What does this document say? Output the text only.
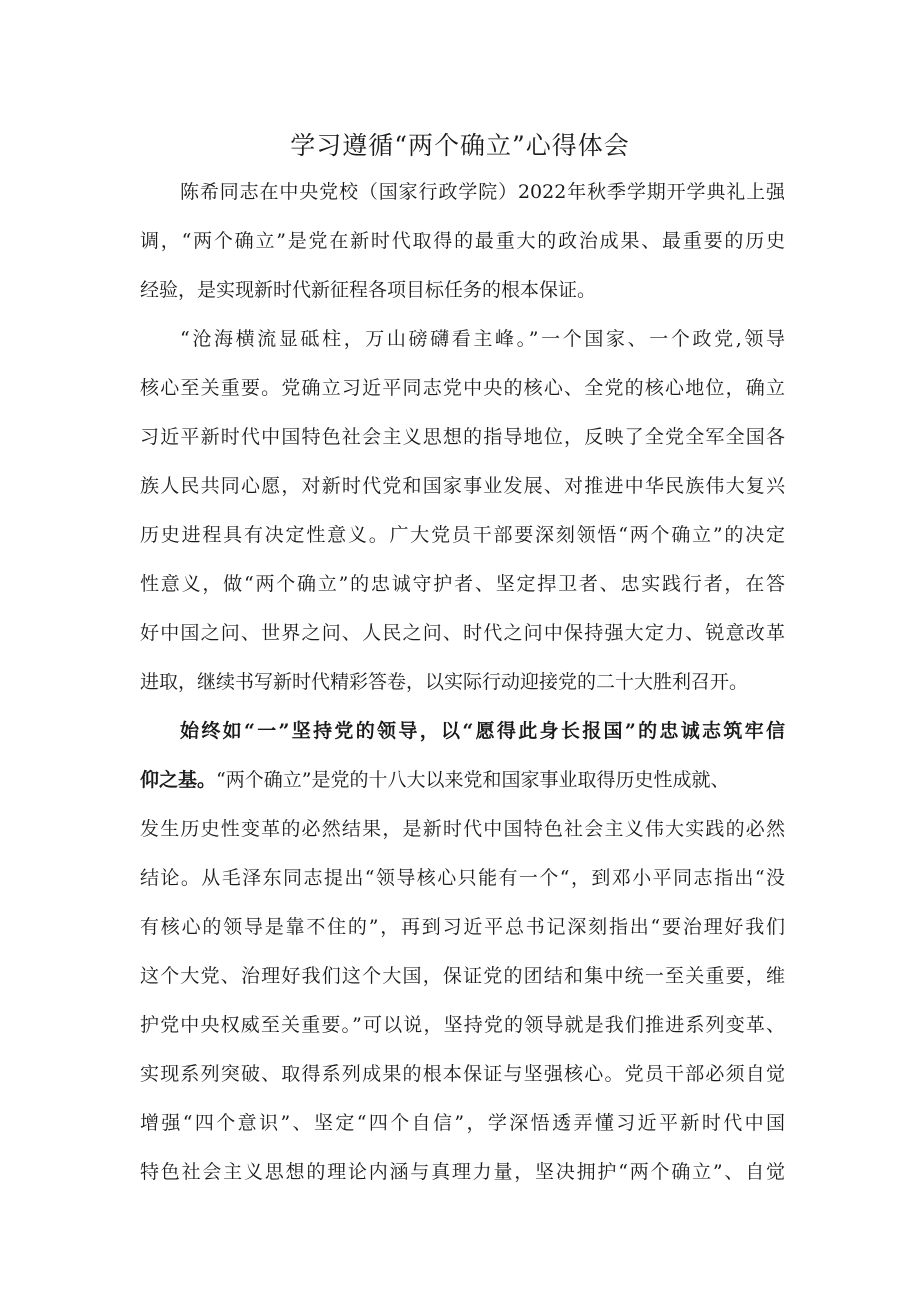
学习遵循“两个确立”心得体会
陈希同志在中央党校（国家行政学院）2022年秋季学期开学典礼上强
调，“两个确立”是党在新时代取得的最重大的政治成果、最重要的历史
经验，是实现新时代新征程各项目标任务的根本保证。
“沧海横流显砥柱，万山磅礴看主峰。”一个国家、一个政党,领导
核心至关重要。党确立习近平同志党中央的核心、全党的核心地位，确立
习近平新时代中国特色社会主义思想的指导地位，反映了全党全军全国各
族人民共同心愿，对新时代党和国家事业发展、对推进中华民族伟大复兴
历史进程具有决定性意义。广大党员干部要深刻领悟“两个确立”的决定
性意义，做“两个确立”的忠诚守护者、坚定捍卫者、忠实践行者，在答
好中国之问、世界之问、人民之问、时代之问中保持强大定力、锐意改革
进取，继续书写新时代精彩答卷，以实际行动迎接党的二十大胜利召开。
始终如“一”坚持党的领导，以“愿得此身长报国”的忠诚志筑牢信
仰之基。“两个确立”是党的十八大以来党和国家事业取得历史性成就、
发生历史性变革的必然结果，是新时代中国特色社会主义伟大实践的必然
结论。从毛泽东同志提出“领导核心只能有一个“，到邓小平同志指出“没
有核心的领导是靠不住的”，再到习近平总书记深刻指出“要治理好我们
这个大党、治理好我们这个大国，保证党的团结和集中统一至关重要，维
护党中央权威至关重要。”可以说，坚持党的领导就是我们推进系列变革、
实现系列突破、取得系列成果的根本保证与坚强核心。党员干部必须自觉
增强“四个意识”、坚定“四个自信”，学深悟透弄懂习近平新时代中国
特色社会主义思想的理论内涵与真理力量，坚决拥护“两个确立”、自觉
